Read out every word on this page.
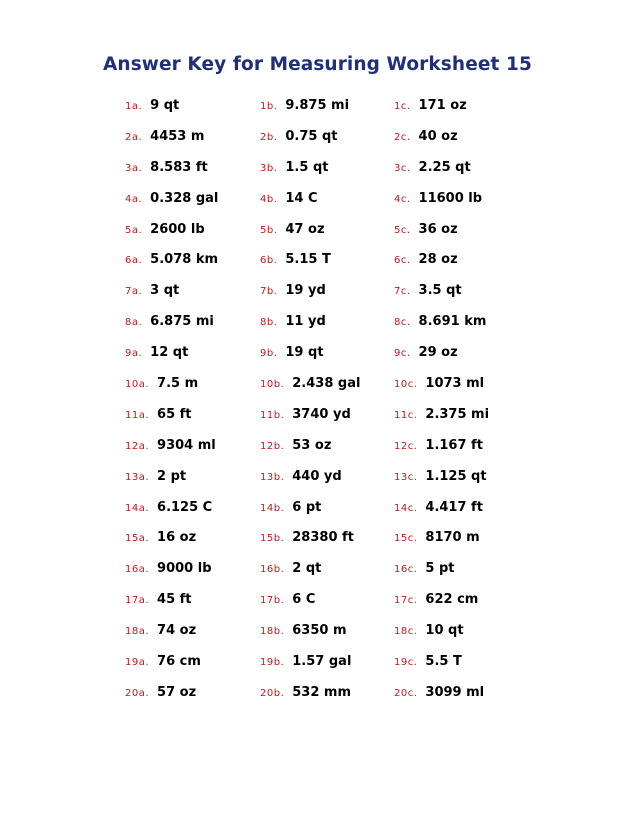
Answer Key for Measuring Worksheet 15
1a. 9 qt	1b. 9.875 mi	1c. 171 oz
2a. 4453 m	2b. 0.75 qt	2c. 40 oz
3a. 8.583 ft	3b. 1.5 qt	3c. 2.25 qt
4a. 0.328 gal	4b. 14 C	4c. 11600 lb
5a. 2600 lb	5b. 47 oz	5c. 36 oz
6a. 5.078 km	6b. 5.15 T	6c. 28 oz
7a. 3 qt	7b. 19 yd	7c. 3.5 qt
8a. 6.875 mi	8b. 11 yd	8c. 8.691 km
9a. 12 qt	9b. 19 qt	9c. 29 oz
10a. 7.5 m	10b. 2.438 gal	10c. 1073 ml
11a. 65 ft	11b. 3740 yd	11c. 2.375 mi
12a. 9304 ml	12b. 53 oz	12c. 1.167 ft
13a. 2 pt	13b. 440 yd	13c. 1.125 qt
14a. 6.125 C	14b. 6 pt	14c. 4.417 ft
15a. 16 oz	15b. 28380 ft	15c. 8170 m
16a. 9000 lb	16b. 2 qt	16c. 5 pt
17a. 45 ft	17b. 6 C	17c. 622 cm
18a. 74 oz	18b. 6350 m	18c. 10 qt
19a. 76 cm	19b. 1.57 gal	19c. 5.5 T
20a. 57 oz	20b. 532 mm	20c. 3099 ml
